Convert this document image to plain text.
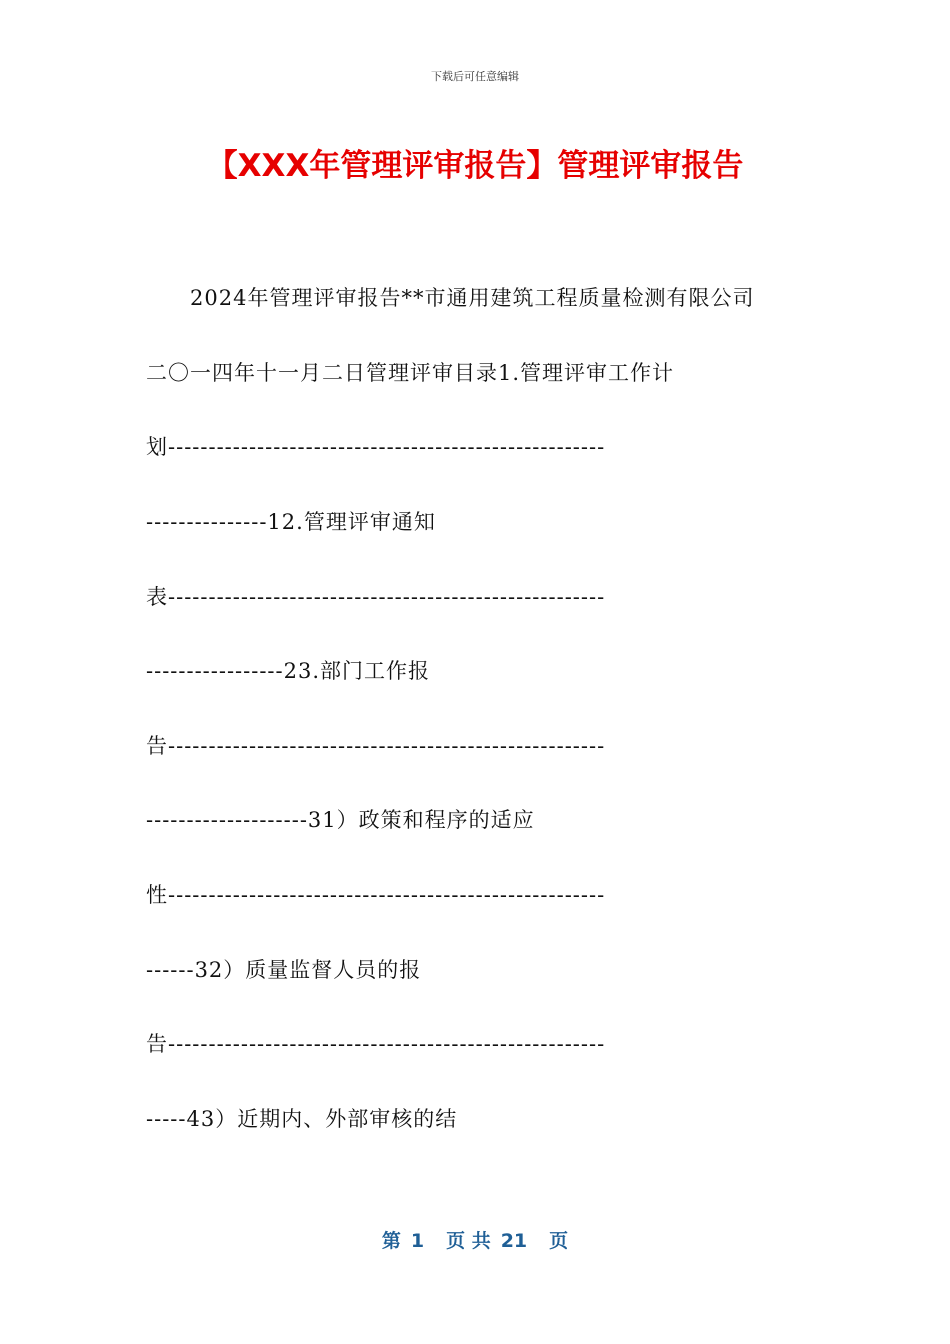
下载后可任意编辑
【XXX年管理评审报告】管理评审报告
2024年管理评审报告**市通用建筑工程质量检测有限公司
二〇一四年十一月二日管理评审目录1.管理评审工作计
划------------------------------------------------------
---------------12.管理评审通知
表------------------------------------------------------
-----------------23.部门工作报
告------------------------------------------------------
--------------------31）政策和程序的适应
性------------------------------------------------------
------32）质量监督人员的报
告------------------------------------------------------
-----43）近期内、外部审核的结
第 1 页 共 21 页
